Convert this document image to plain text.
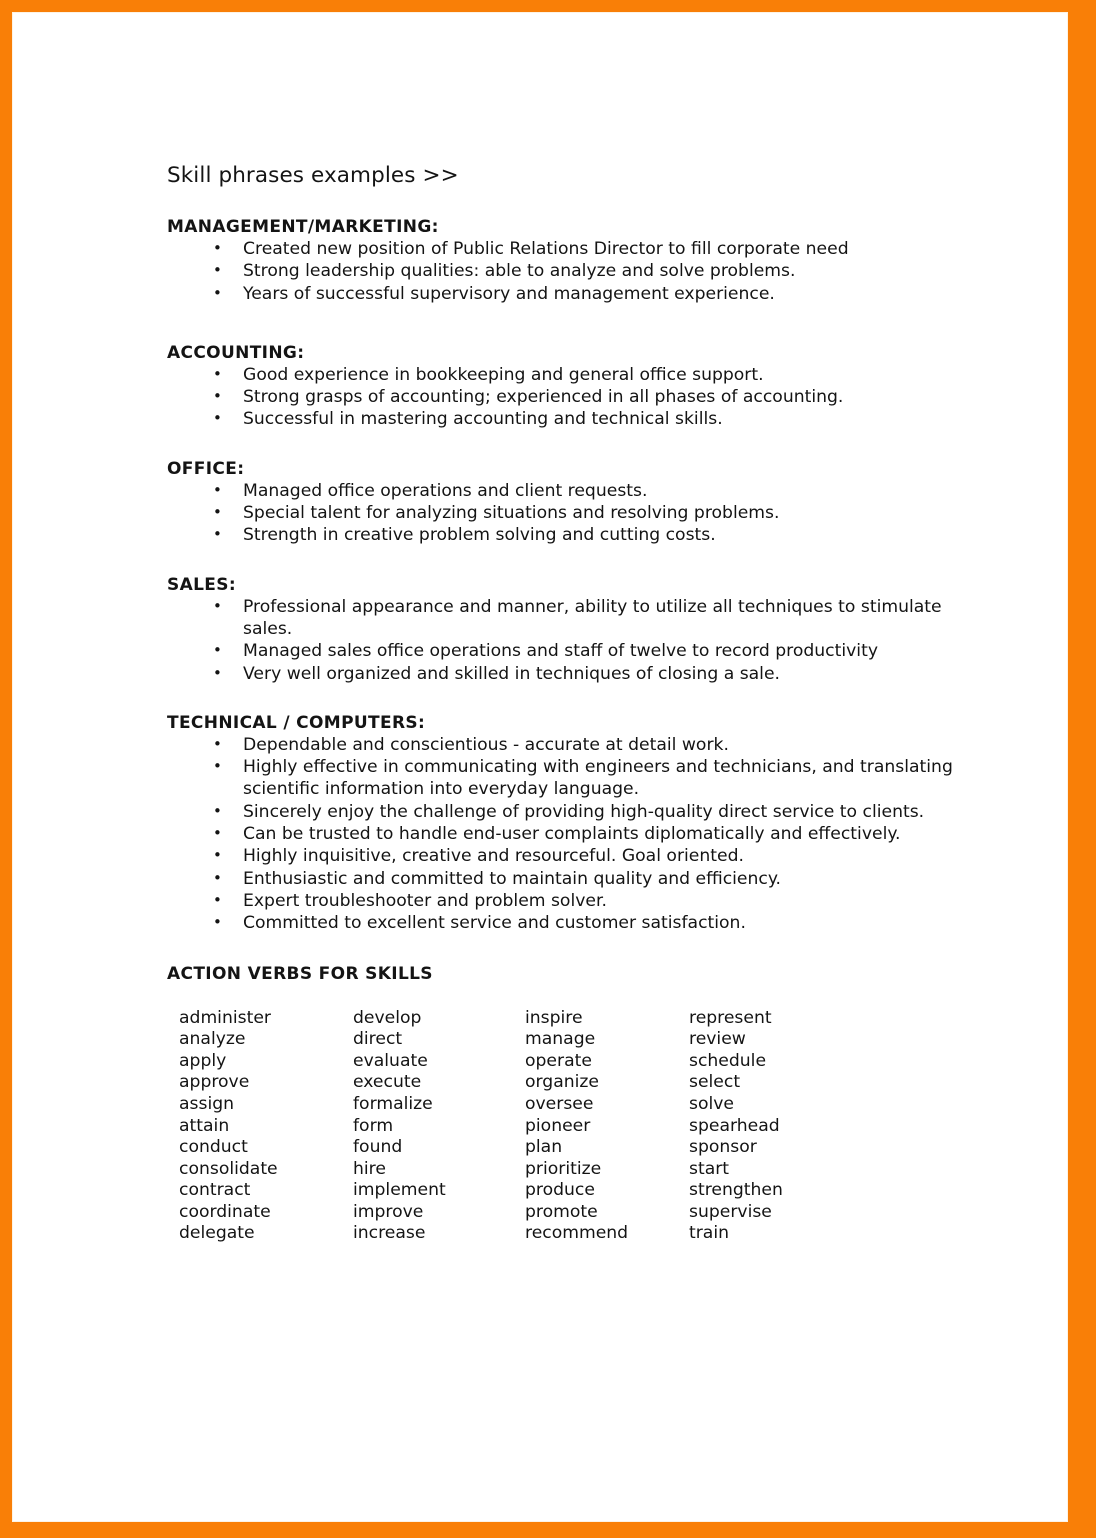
Skill phrases examples >>
MANAGEMENT/MARKETING:
• Created new position of Public Relations Director to fill corporate need
• Strong leadership qualities: able to analyze and solve problems.
• Years of successful supervisory and management experience.
ACCOUNTING:
• Good experience in bookkeeping and general office support.
• Strong grasps of accounting; experienced in all phases of accounting.
• Successful in mastering accounting and technical skills.
OFFICE:
• Managed office operations and client requests.
• Special talent for analyzing situations and resolving problems.
• Strength in creative problem solving and cutting costs.
SALES:
• Professional appearance and manner, ability to utilize all techniques to stimulate sales.
• Managed sales office operations and staff of twelve to record productivity
• Very well organized and skilled in techniques of closing a sale.
TECHNICAL / COMPUTERS:
• Dependable and conscientious - accurate at detail work.
• Highly effective in communicating with engineers and technicians, and translating scientific information into everyday language.
• Sincerely enjoy the challenge of providing high-quality direct service to clients.
• Can be trusted to handle end-user complaints diplomatically and effectively.
• Highly inquisitive, creative and resourceful. Goal oriented.
• Enthusiastic and committed to maintain quality and efficiency.
• Expert troubleshooter and problem solver.
• Committed to excellent service and customer satisfaction.
ACTION VERBS FOR SKILLS
administer
analyze
apply
approve
assign
attain
conduct
consolidate
contract
coordinate
delegate
develop
direct
evaluate
execute
formalize
form
found
hire
implement
improve
increase
inspire
manage
operate
organize
oversee
pioneer
plan
prioritize
produce
promote
recommend
represent
review
schedule
select
solve
spearhead
sponsor
start
strengthen
supervise
train
